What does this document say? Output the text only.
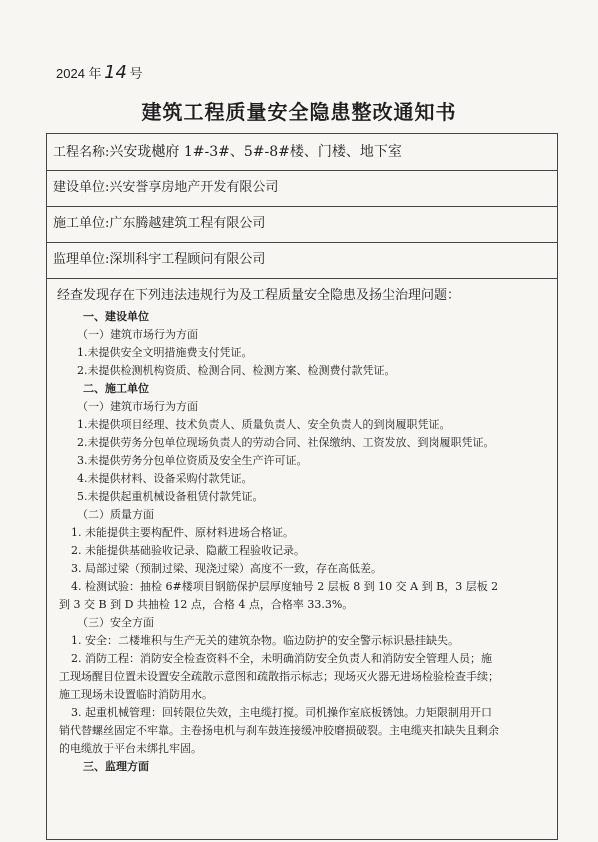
2024 年 14 号
建筑工程质量安全隐患整改通知书
工程名称:兴安珑樾府 1#-3#、5#-8#楼、门楼、地下室
建设单位:兴安誉享房地产开发有限公司
施工单位:广东腾越建筑工程有限公司
监理单位:深圳科宇工程顾问有限公司
经查发现存在下列违法违规行为及工程质量安全隐患及扬尘治理问题：
一、建设单位
（一）建筑市场行为方面
1.未提供安全文明措施费支付凭证。
2.未提供检测机构资质、检测合同、检测方案、检测费付款凭证。
二、施工单位
（一）建筑市场行为方面
1.未提供项目经理、技术负责人、质量负责人、安全负责人的到岗履职凭证。
2.未提供劳务分包单位现场负责人的劳动合同、社保缴纳、工资发放、到岗履职凭证。
3.未提供劳务分包单位资质及安全生产许可证。
4.未提供材料、设备采购付款凭证。
5.未提供起重机械设备租赁付款凭证。
（二）质量方面
1. 未能提供主要构配件、原材料进场合格证。
2. 未能提供基础验收记录、隐蔽工程验收记录。
3. 局部过梁（预制过梁、现浇过梁）高度不一致，存在高低差。
4. 检测试验：抽检 6#楼项目钢筋保护层厚度轴号 2 层板 8 到 10 交 A 到 B，3 层板 2
到 3 交 B 到 D 共抽检 12 点，合格 4 点，合格率 33.3%。
（三）安全方面
1. 安全：二楼堆积与生产无关的建筑杂物。临边防护的安全警示标识悬挂缺失。
2. 消防工程：消防安全检查资料不全，未明确消防安全负责人和消防安全管理人员；施
工现场醒目位置未设置安全疏散示意图和疏散指示标志；现场灭火器无进场检验检查手续；
施工现场未设置临时消防用水。
3. 起重机械管理：回转限位失效，主电缆打搅。司机操作室底板锈蚀。力矩限制用开口
销代替螺丝固定不牢靠。主卷扬电机与刹车鼓连接缓冲胶磨损破裂。主电缆夹扣缺失且剩余
的电缆放于平台未绑扎牢固。
三、监理方面
